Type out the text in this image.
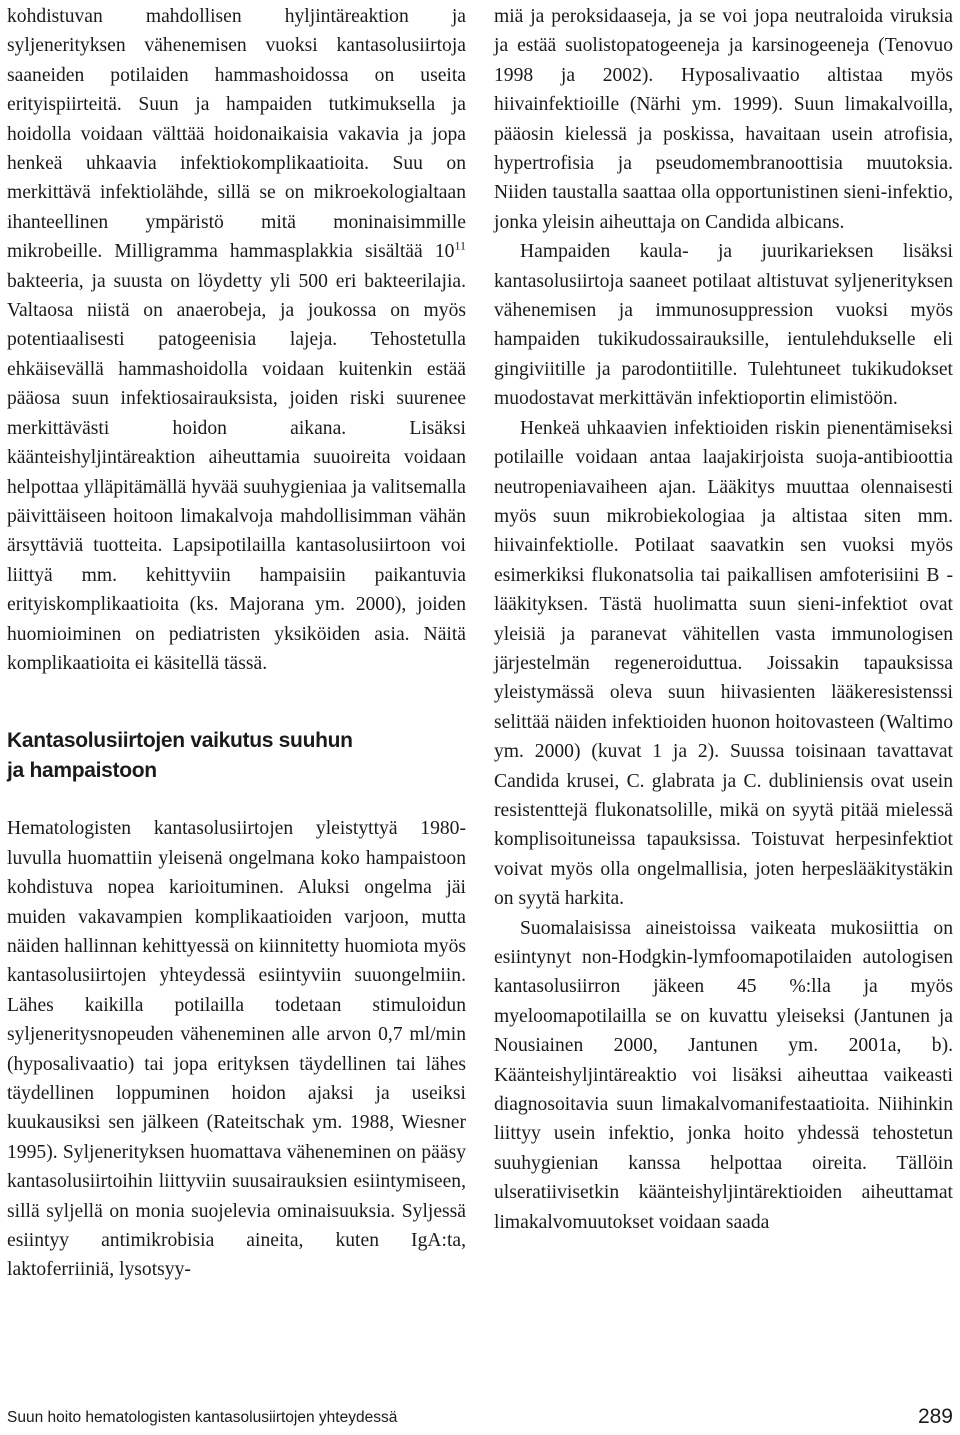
kohdistuvan mahdollisen hyljintäreaktion ja syljenerityksen vähenemisen vuoksi kantasolusiirtoja saaneiden potilaiden hammashoidossa on useita erityispiirteitä. Suun ja hampaiden tutkimuksella ja hoidolla voidaan välttää hoidonaikaisia vakavia ja jopa henkeä uhkaavia infektiokomplikaatioita. Suu on merkittävä infektiolähde, sillä se on mikroekologialtaan ihanteellinen ympäristö mitä moninaisimmille mikrobeille. Milligramma hammasplakkia sisältää $10^{11}$ bakteeria, ja suusta on löydetty yli 500 eri bakteerilajia. Valtaosa niistä on anaerobeja, ja joukossa on myös potentiaalisesti patogeenisia lajeja. Tehostetulla ehkäisevällä hammashoidolla voidaan kuitenkin estää pääosa suun infektiosairauksista, joiden riski suurenee merkittävästi hoidon aikana. Lisäksi käänteishyljintäreaktion aiheuttamia suuoireita voidaan helpottaa ylläpitämällä hyvää suuhygieniaa ja valitsemalla päivittäiseen hoitoon limakalvoja mahdollisimman vähän ärsyttäviä tuotteita. Lapsipotilailla kantasolusiirtoon voi liittyä mm. kehittyviin hampaisiin paikantuvia erityiskomplikaatioita (ks. Majorana ym. 2000), joiden huomioiminen on pediatristen yksiköiden asia. Näitä komplikaatioita ei käsitellä tässä.

Kantasolusiirtojen vaikutus suuhun
ja hampaistoon

Hematologisten kantasolusiirtojen yleistyttyä 1980-luvulla huomattiin yleisenä ongelmana koko hampaistoon kohdistuva nopea karioituminen. Aluksi ongelma jäi muiden vakavampien komplikaatioiden varjoon, mutta näiden hallinnan kehittyessä on kiinnitetty huomiota myös kantasolusiirtojen yhteydessä esiintyviin suuongelmiin. Lähes kaikilla potilailla todetaan stimuloidun syljeneritysnopeuden väheneminen alle arvon 0,7 ml/min (hyposalivaatio) tai jopa erityksen täydellinen tai lähes täydellinen loppuminen hoidon ajaksi ja useiksi kuukausiksi sen jälkeen (Rateitschak ym. 1988, Wiesner 1995). Syljenerityksen huomattava väheneminen on pääsy kantasolusiirtoihin liittyviin suusairauksien esiintymiseen, sillä syljellä on monia suojelevia ominaisuuksia. Syljessä esiintyy antimikrobisia aineita, kuten IgA:ta, laktoferriiniä, lysotsyy-

miä ja peroksidaaseja, ja se voi jopa neutraloida viruksia ja estää suolistopatogeeneja ja karsinogeeneja (Tenovuo 1998 ja 2002). Hyposalivaatio altistaa myös hiivainfektioille (Närhi ym. 1999). Suun limakalvoilla, pääosin kielessä ja poskissa, havaitaan usein atrofisia, hypertrofisia ja pseudomembranoottisia muutoksia. Niiden taustalla saattaa olla opportunistinen sieni-infektio, jonka yleisin aiheuttaja on Candida albicans.

Hampaiden kaula- ja juurikarieksen lisäksi kantasolusiirtoja saaneet potilaat altistuvat syljenerityksen vähenemisen ja immunosuppression vuoksi myös hampaiden tukikudossairauksille, ientulehdukselle eli gingiviitille ja parodontiitille. Tulehtuneet tukikudokset muodostavat merkittävän infektioportin elimistöön.

Henkeä uhkaavien infektioiden riskin pienentämiseksi potilaille voidaan antaa laajakirjoista suoja-antibioottia neutropeniavaiheen ajan. Lääkitys muuttaa olennaisesti myös suun mikrobiekologiaa ja altistaa siten mm. hiivainfektiolle. Potilaat saavatkin sen vuoksi myös esimerkiksi flukonatsolia tai paikallisen amfoterisiini B -lääkityksen. Tästä huolimatta suun sieni-infektiot ovat yleisiä ja paranevat vähitellen vasta immunologisen järjestelmän regeneroiduttua. Joissakin tapauksissa yleistymässä oleva suun hiivasienten lääkeresistenssi selittää näiden infektioiden huonon hoitovasteen (Waltimo ym. 2000) (kuvat 1 ja 2). Suussa toisinaan tavattavat Candida krusei, C. glabrata ja C. dubliniensis ovat usein resistenttejä flukonatsolille, mikä on syytä pitää mielessä komplisoituneissa tapauksissa. Toistuvat herpesinfektiot voivat myös olla ongelmallisia, joten herpeslääkitystäkin on syytä harkita.

Suomalaisissa aineistoissa vaikeata mukosiittia on esiintynyt non-Hodgkin-lymfoomapotilaiden autologisen kantasolusiirron jäkeen 45 %:lla ja myös myeloomapotilailla se on kuvattu yleiseksi (Jantunen ja Nousiainen 2000, Jantunen ym. 2001a, b). Käänteishyljintäreaktio voi lisäksi aiheuttaa vaikeasti diagnosoitavia suun limakalvomanifestaatioita. Niihinkin liittyy usein infektio, jonka hoito yhdessä tehostetun suuhygienian kanssa helpottaa oireita. Tällöin ulseratiivisetkin käänteishyljintärektioiden aiheuttamat limakalvomuutokset voidaan saada

Suun hoito hematologisten kantasolusiirtojen yhteydessä	289
